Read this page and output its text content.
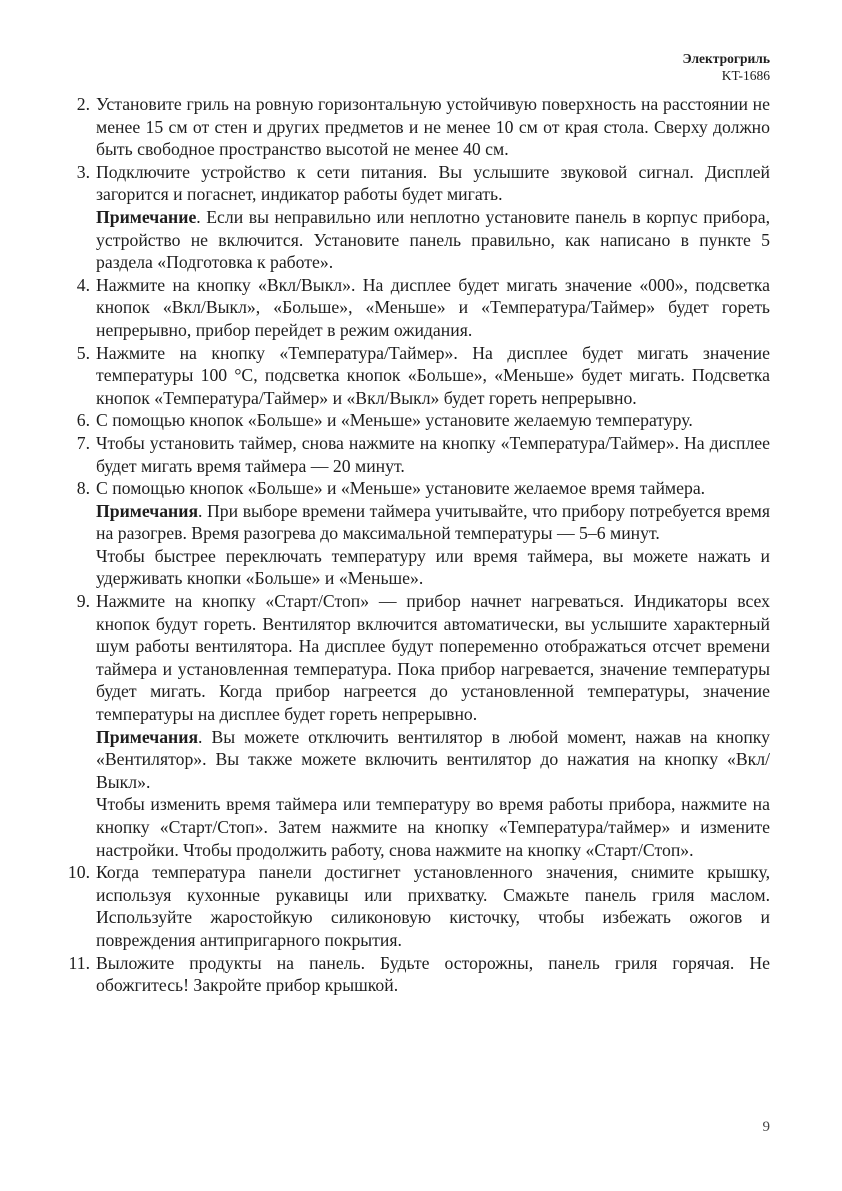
Электрогриль
KT-1686
2. Установите гриль на ровную горизонтальную устойчивую поверхность на расстоянии не менее 15 см от стен и других предметов и не менее 10 см от края стола. Сверху должно быть свободное пространство высотой не менее 40 см.

3. Подключите устройство к сети питания. Вы услышите звуковой сигнал. Дисплей загорится и погаснет, индикатор работы будет мигать.

Примечание. Если вы неправильно или неплотно установите панель в корпус прибора, устройство не включится. Установите панель правильно, как написано в пункте 5 раздела «Подготовка к работе».

4. Нажмите на кнопку «Вкл/Выкл». На дисплее будет мигать значение «000», подсветка кнопок «Вкл/Выкл», «Больше», «Меньше» и «Температура/Таймер» будет гореть непрерывно, прибор перейдет в режим ожидания.

5. Нажмите на кнопку «Температура/Таймер». На дисплее будет мигать значение температуры 100 °C, подсветка кнопок «Больше», «Меньше» будет мигать. Подсветка кнопок «Температура/Таймер» и «Вкл/Выкл» будет гореть непрерывно.

6. С помощью кнопок «Больше» и «Меньше» установите желаемую температуру.

7. Чтобы установить таймер, снова нажмите на кнопку «Температура/Таймер». На дисплее будет мигать время таймера — 20 минут.

8. С помощью кнопок «Больше» и «Меньше» установите желаемое время таймера.

Примечания. При выборе времени таймера учитывайте, что прибору потребуется время на разогрев. Время разогрева до максимальной температуры — 5–6 минут.

Чтобы быстрее переключать температуру или время таймера, вы можете нажать и удерживать кнопки «Больше» и «Меньше».

9. Нажмите на кнопку «Старт/Стоп» — прибор начнет нагреваться. Индикаторы всех кнопок будут гореть. Вентилятор включится автоматически, вы услышите характерный шум работы вентилятора. На дисплее будут попеременно отображаться отсчет времени таймера и установленная температура. Пока прибор нагревается, значение температуры будет мигать. Когда прибор нагреется до установленной температуры, значение температуры на дисплее будет гореть непрерывно.

Примечания. Вы можете отключить вентилятор в любой момент, нажав на кнопку «Вентилятор». Вы также можете включить вентилятор до нажатия на кнопку «Вкл/Выкл».

Чтобы изменить время таймера или температуру во время работы прибора, нажмите на кнопку «Старт/Стоп». Затем нажмите на кнопку «Температура/таймер» и измените настройки. Чтобы продолжить работу, снова нажмите на кнопку «Старт/Стоп».

10. Когда температура панели достигнет установленного значения, снимите крышку, используя кухонные рукавицы или прихватку. Смажьте панель гриля маслом. Используйте жаростойкую силиконовую кисточку, чтобы избежать ожогов и повреждения антипригарного покрытия.

11. Выложите продукты на панель. Будьте осторожны, панель гриля горячая. Не обожгитесь! Закройте прибор крышкой.

9
